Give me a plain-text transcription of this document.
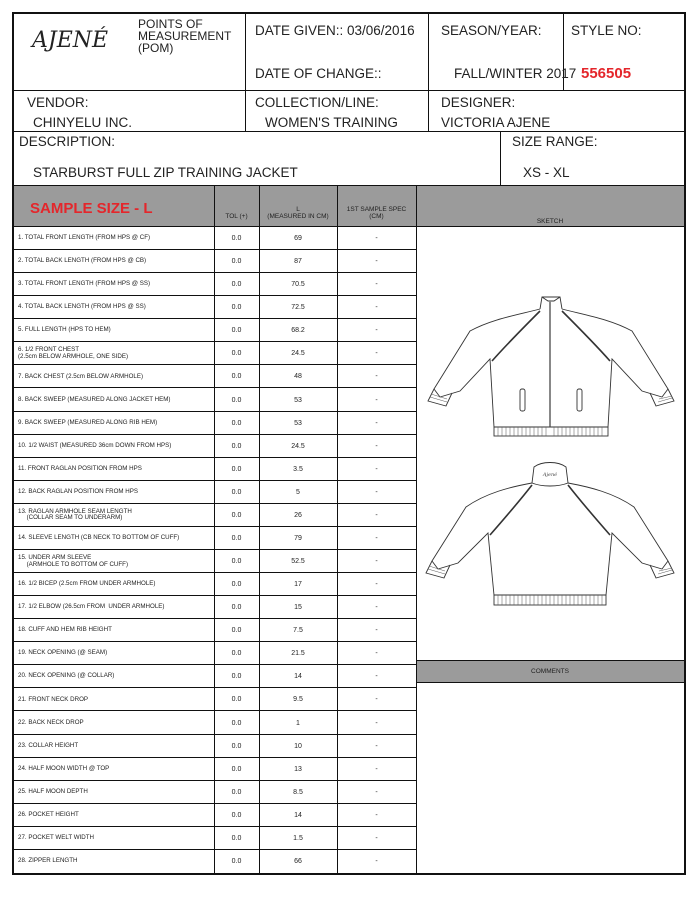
AJENÉ
POINTS OF
MEASUREMENT
(POM)
DATE GIVEN:: 03/06/2016
DATE OF CHANGE::
SEASON/YEAR:
FALL/WINTER 2017
STYLE NO:
556505
VENDOR:
CHINYELU INC.
COLLECTION/LINE:
WOMEN'S TRAINING
DESIGNER:
VICTORIA AJENE
DESCRIPTION:
STARBURST FULL ZIP TRAINING JACKET
SIZE RANGE:
XS - XL
SAMPLE SIZE - L	TOL (+)
L
(MEASURED IN CM)
1ST SAMPLE SPEC
(CM)
SKETCH
COMMENTS
1. TOTAL FRONT LENGTH (FROM HPS @ CF)	0.0	69	-
2. TOTAL BACK LENGTH (FROM HPS @ CB)	0.0	87	-
3. TOTAL FRONT LENGTH (FROM HPS @ SS)	0.0	70.5	-
4. TOTAL BACK LENGTH (FROM HPS @ SS)	0.0	72.5	-
5. FULL LENGTH (HPS TO HEM)	0.0	68.2	-
6. 1/2 FRONT CHEST
(2.5cm BELOW ARMHOLE, ONE SIDE)	0.0	24.5	-
7. BACK CHEST (2.5cm BELOW ARMHOLE)	0.0	48	-
8. BACK SWEEP (MEASURED ALONG JACKET HEM)	0.0	53	-
9. BACK SWEEP (MEASURED ALONG RIB HEM)	0.0	53	-
10. 1/2 WAIST (MEASURED 36cm DOWN FROM HPS)	0.0	24.5	-
11. FRONT RAGLAN POSITION FROM HPS	0.0	3.5	-
12. BACK RAGLAN POSITION FROM HPS	0.0	5	-
13. RAGLAN ARMHOLE SEAM LENGTH
(COLLAR SEAM TO UNDERARM)	0.0	26	-
14. SLEEVE LENGTH (CB NECK TO BOTTOM OF CUFF)	0.0	79	-
15. UNDER ARM SLEEVE
(ARMHOLE TO BOTTOM OF CUFF)	0.0	52.5	-
16. 1/2 BICEP (2.5cm FROM UNDER ARMHOLE)	0.0	17	-
17. 1/2 ELBOW (26.5cm FROM  UNDER ARMHOLE)	0.0	15	-
18. CUFF AND HEM RIB HEIGHT	0.0	7.5	-
19. NECK OPENING (@ SEAM)	0.0	21.5	-
20. NECK OPENING (@ COLLAR)	0.0	14	-
21. FRONT NECK DROP	0.0	9.5	-
22. BACK NECK DROP	0.0	1	-
23. COLLAR HEIGHT	0.0	10	-
24. HALF MOON WIDTH @ TOP	0.0	13	-
25. HALF MOON DEPTH	0.0	8.5	-
26. POCKET HEIGHT	0.0	14	-
27. POCKET WELT WIDTH	0.0	1.5	-
28. ZIPPER LENGTH	0.0	66	-
Ajené
